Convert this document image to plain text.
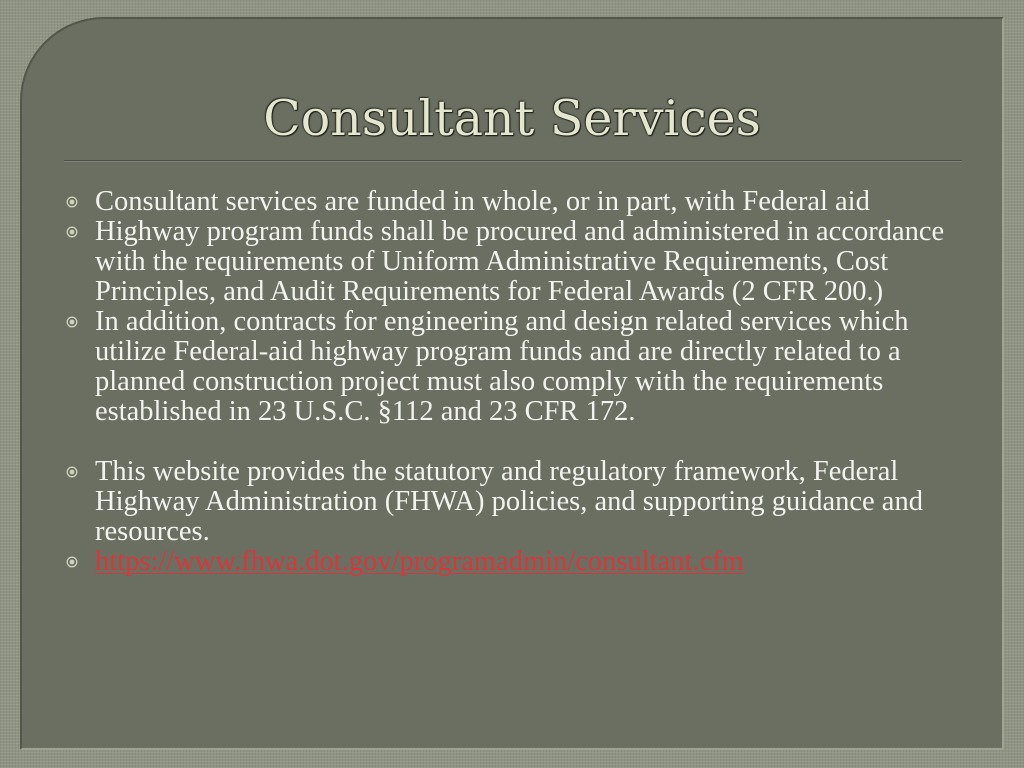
Consultant Services
Consultant services are funded in whole, or in part, with Federal aid
Highway program funds shall be procured and administered in accordance with the requirements of Uniform Administrative Requirements, Cost Principles, and Audit Requirements for Federal Awards (2 CFR 200.)
In addition, contracts for engineering and design related services which utilize Federal-aid highway program funds and are directly related to a planned construction project must also comply with the requirements established in 23 U.S.C. §112 and 23 CFR 172.
This website provides the statutory and regulatory framework, Federal Highway Administration (FHWA) policies, and supporting guidance and resources.
https://www.fhwa.dot.gov/programadmin/consultant.cfm
